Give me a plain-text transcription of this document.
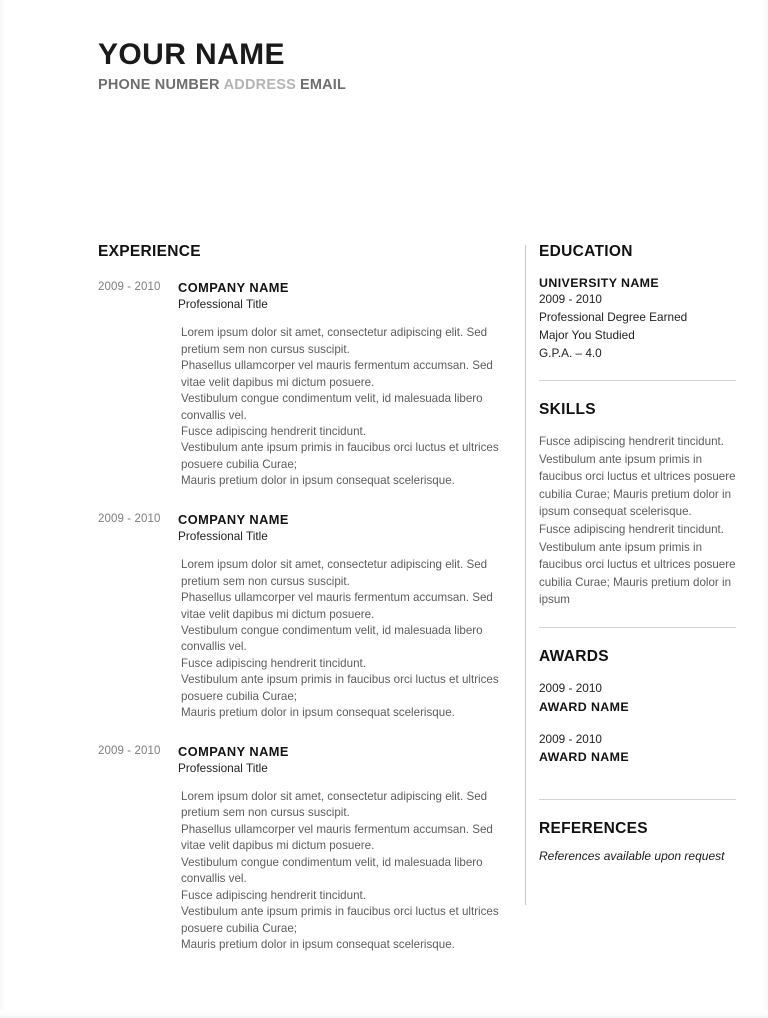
YOUR NAME
PHONE NUMBER ADDRESS EMAIL
EXPERIENCE
2009 - 2010	COMPANY NAME
Professional Title

Lorem ipsum dolor sit amet, consectetur adipiscing elit. Sed pretium sem non cursus suscipit.

Phasellus ullamcorper vel mauris fermentum accumsan. Sed vitae velit dapibus mi dictum posuere.

Vestibulum congue condimentum velit, id malesuada libero convallis vel.

Fusce adipiscing hendrerit tincidunt.

Vestibulum ante ipsum primis in faucibus orci luctus et ultrices posuere cubilia Curae;

Mauris pretium dolor in ipsum consequat scelerisque.

2009 - 2010	COMPANY NAME
Professional Title

Lorem ipsum dolor sit amet, consectetur adipiscing elit. Sed pretium sem non cursus suscipit.

Phasellus ullamcorper vel mauris fermentum accumsan. Sed vitae velit dapibus mi dictum posuere.

Vestibulum congue condimentum velit, id malesuada libero convallis vel.

Fusce adipiscing hendrerit tincidunt.

Vestibulum ante ipsum primis in faucibus orci luctus et ultrices posuere cubilia Curae;

Mauris pretium dolor in ipsum consequat scelerisque.

2009 - 2010	COMPANY NAME
Professional Title

Lorem ipsum dolor sit amet, consectetur adipiscing elit. Sed pretium sem non cursus suscipit.

Phasellus ullamcorper vel mauris fermentum accumsan. Sed vitae velit dapibus mi dictum posuere.

Vestibulum congue condimentum velit, id malesuada libero convallis vel.

Fusce adipiscing hendrerit tincidunt.

Vestibulum ante ipsum primis in faucibus orci luctus et ultrices posuere cubilia Curae;

Mauris pretium dolor in ipsum consequat scelerisque.

EDUCATION
UNIVERSITY NAME
2009 - 2010
Professional Degree Earned
Major You Studied
G.P.A. – 4.0
SKILLS

Fusce adipiscing hendrerit tincidunt.

Vestibulum ante ipsum primis in faucibus orci luctus et ultrices posuere cubilia Curae; Mauris pretium dolor in ipsum consequat scelerisque.

Fusce adipiscing hendrerit tincidunt.

Vestibulum ante ipsum primis in faucibus orci luctus et ultrices posuere cubilia Curae; Mauris pretium dolor in ipsum

AWARDS
2009 - 2010
AWARD NAME
2009 - 2010
AWARD NAME
REFERENCES
References available upon request
